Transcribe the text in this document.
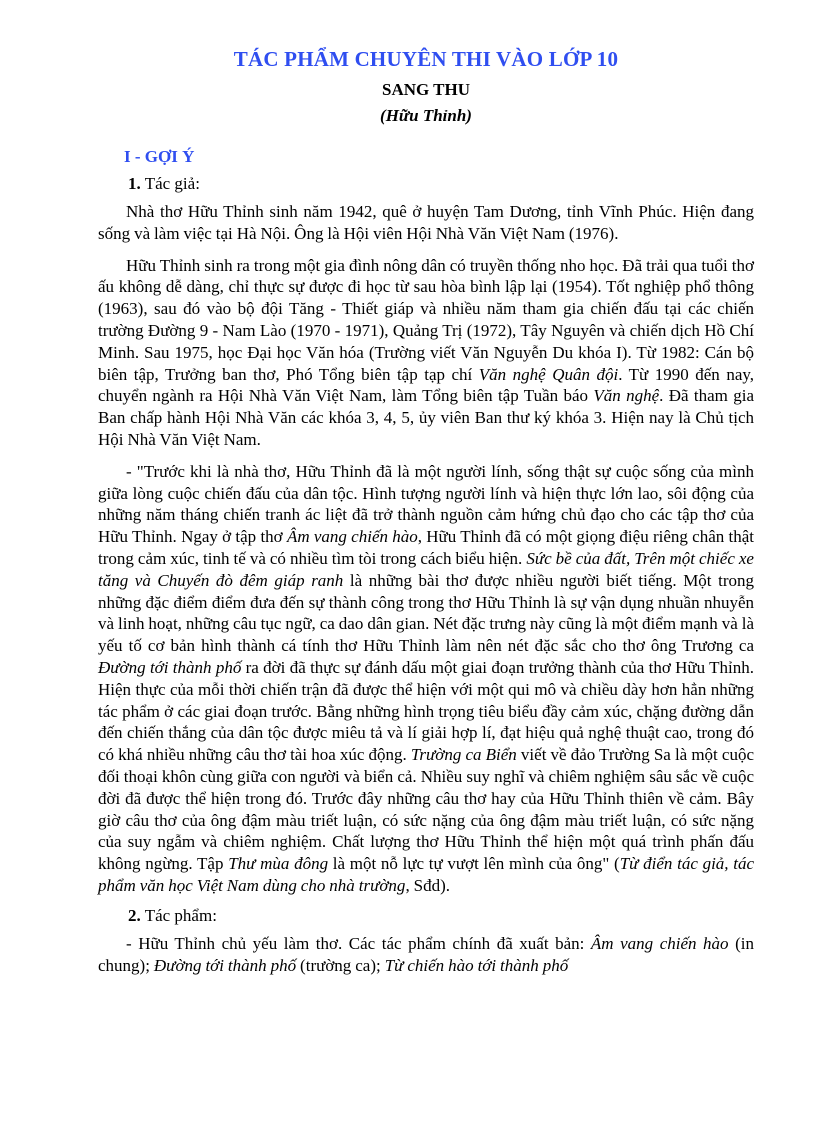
TÁC PHẨM CHUYÊN THI VÀO LỚP 10
SANG THU
(Hữu Thỉnh)
I - GỢI Ý
1. Tác giả:

Nhà thơ Hữu Thỉnh sinh năm 1942, quê ở huyện Tam Dương, tỉnh Vĩnh Phúc. Hiện đang sống và làm việc tại Hà Nội. Ông là Hội viên Hội Nhà Văn Việt Nam (1976).

Hữu Thỉnh sinh ra trong một gia đình nông dân có truyền thống nho học. Đã trải qua tuổi thơ ấu không dễ dàng, chỉ thực sự được đi học từ sau hòa bình lập lại (1954). Tốt nghiệp phổ thông (1963), sau đó vào bộ đội Tăng - Thiết giáp và nhiều năm tham gia chiến đấu tại các chiến trường Đường 9 - Nam Lào (1970 - 1971), Quảng Trị (1972), Tây Nguyên và chiến dịch Hồ Chí Minh. Sau 1975, học Đại học Văn hóa (Trường viết Văn Nguyễn Du khóa I). Từ 1982: Cán bộ biên tập, Trưởng ban thơ, Phó Tổng biên tập tạp chí Văn nghệ Quân đội. Từ 1990 đến nay, chuyển ngành ra Hội Nhà Văn Việt Nam, làm Tổng biên tập Tuần báo Văn nghệ. Đã tham gia Ban chấp hành Hội Nhà Văn các khóa 3, 4, 5, ủy viên Ban thư ký khóa 3. Hiện nay là Chủ tịch Hội Nhà Văn Việt Nam.

- "Trước khi là nhà thơ, Hữu Thỉnh đã là một người lính, sống thật sự cuộc sống của mình giữa lòng cuộc chiến đấu của dân tộc. Hình tượng người lính và hiện thực lớn lao, sôi động của những năm tháng chiến tranh ác liệt đã trở thành nguồn cảm hứng chủ đạo cho các tập thơ của Hữu Thỉnh. Ngay ở tập thơ Âm vang chiến hào, Hữu Thỉnh đã có một giọng điệu riêng chân thật trong cảm xúc, tinh tế và có nhiều tìm tòi trong cách biểu hiện. Sức bề của đất, Trên một chiếc xe tăng và Chuyến đò đêm giáp ranh là những bài thơ được nhiều người biết tiếng. Một trong những đặc điểm điểm đưa đến sự thành công trong thơ Hữu Thỉnh là sự vận dụng nhuần nhuyễn và linh hoạt, những câu tục ngữ, ca dao dân gian. Nét đặc trưng này cũng là một điểm mạnh và là yếu tố cơ bản hình thành cá tính thơ Hữu Thỉnh làm nên nét đặc sắc cho thơ ông Trương ca Đường tới thành phố ra đời đã thực sự đánh dấu một giai đoạn trưởng thành của thơ Hữu Thỉnh. Hiện thực của mỗi thời chiến trận đã được thể hiện với một qui mô và chiều dày hơn hẳn những tác phẩm ở các giai đoạn trước. Bằng những hình trọng tiêu biểu đầy cảm xúc, chặng đường dẫn đến chiến thắng của dân tộc được miêu tả và lí giải hợp lí, đạt hiệu quả nghệ thuật cao, trong đó có khá nhiều những câu thơ tài hoa xúc động. Trường ca Biển viết về đảo Trường Sa là một cuộc đối thoại khôn cùng giữa con người và biển cả. Nhiều suy nghĩ và chiêm nghiệm sâu sắc về cuộc đời đã được thể hiện trong đó. Trước đây những câu thơ hay của Hữu Thỉnh thiên về cảm. Bây giờ câu thơ của ông đậm màu triết luận, có sức nặng của ông đậm màu triết luận, có sức nặng của suy ngẫm và chiêm nghiệm. Chất lượng thơ Hữu Thỉnh thể hiện một quá trình phấn đấu không ngừng. Tập Thư mùa đông là một nỗ lực tự vượt lên mình của ông" (Từ điển tác giả, tác phẩm văn học Việt Nam dùng cho nhà trường, Sđd).

2. Tác phẩm:

- Hữu Thỉnh chủ yếu làm thơ. Các tác phẩm chính đã xuất bản: Âm vang chiến hào (in chung); Đường tới thành phố (trường ca); Từ chiến hào tới thành phố
